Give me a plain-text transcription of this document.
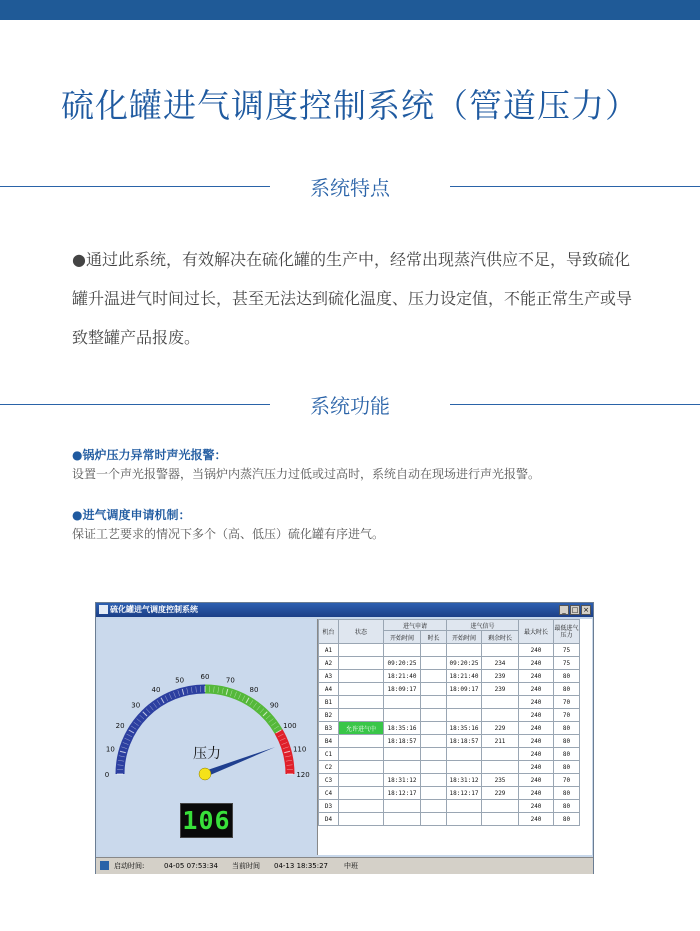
硫化罐进气调度控制系统（管道压力）
系统特点
●通过此系统，有效解决在硫化罐的生产中，经常出现蒸汽供应不足，导致硫化罐升温进气时间过长，甚至无法达到硫化温度、压力设定值，不能正常生产或导致整罐产品报废。
系统功能
●锅炉压力异常时声光报警：
设置一个声光报警器，当锅炉内蒸汽压力过低或过高时，系统自动在现场进行声光报警。
●进气调度申请机制：
保证工艺要求的情况下多个（高、低压）硫化罐有序进气。
硫化罐进气调度控制系统	_ □ ×
0
10
20
30
40
50 60 70
80
90
100
110
120
压力
106
机台	状态	进气申请		进气信号		最大时长	最低进气压力
		开始时间	时长	开始时间	剩余时长		
A1						240	75
A2		09:20:25		09:20:25	234	240	75
A3		18:21:40		18:21:40	239	240	80
A4		18:09:17		18:09:17	239	240	80
B1						240	70
B2						240	70
B3	允许进气中	18:35:16		18:35:16	229	240	80
B4		18:18:57		18:18:57	211	240	80
C1						240	80
C2						240	80
C3		18:31:12		18:31:12	235	240	70
C4		18:12:17		18:12:17	229	240	80
D3						240	80
D4						240	80
启动时间:	04-05 07:53:34 当前时间 04-13 18:35:27 中班
